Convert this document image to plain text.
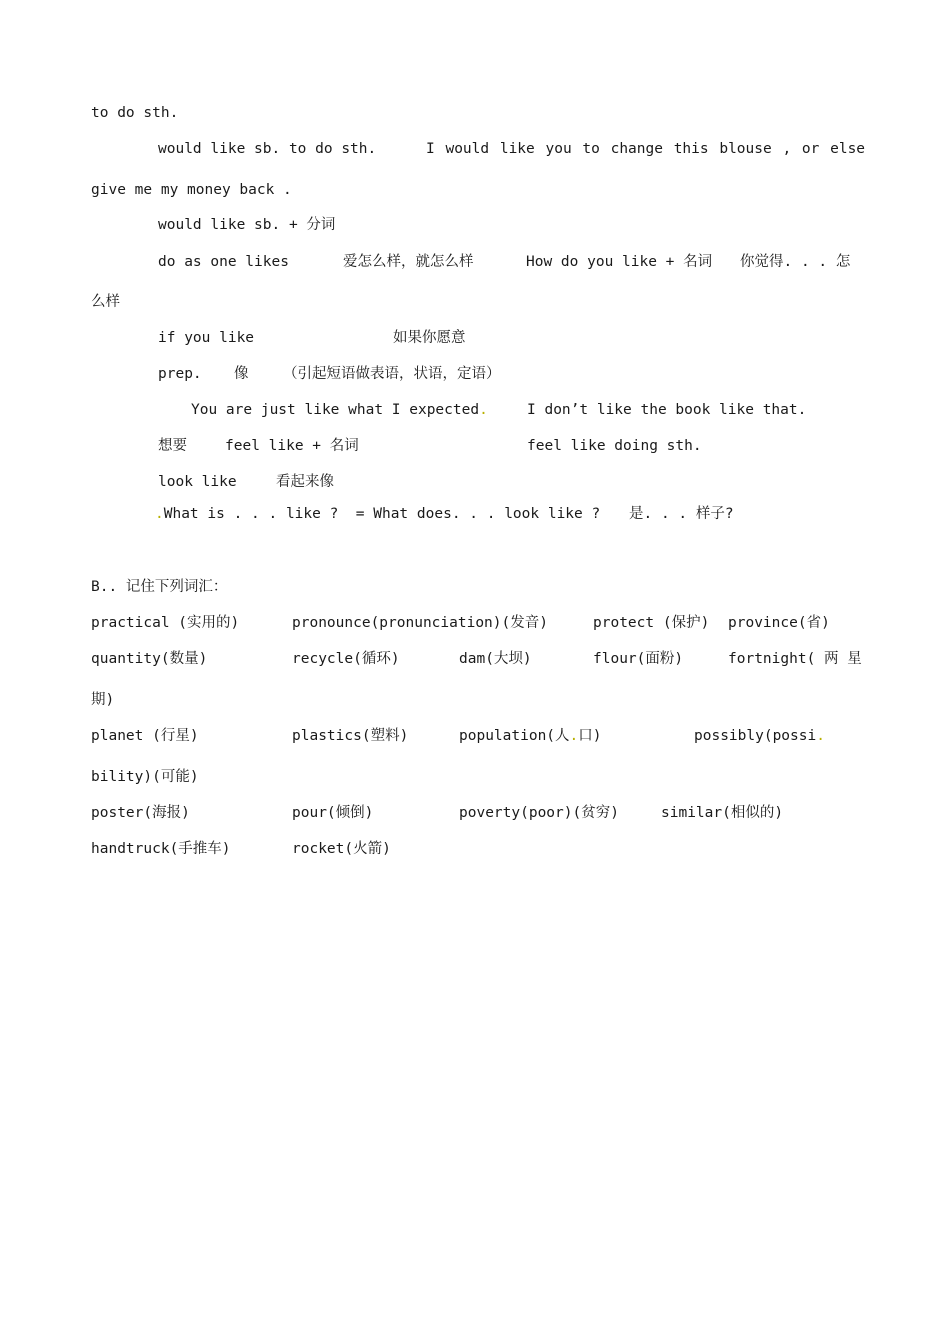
to do sth.
would like sb. to do sth.	I would like you to change this blouse , or else
give me my money back .
would like sb. + 分词
do as one likes	爱怎么样，就怎么样	How do you like + 名词 你觉得. . . 怎
么样
if you like	如果你愿意
prep. 像 （引起短语做表语，状语，定语）
You are just like what I expected.	I don’t like the book like that.
想要	feel like + 名词	feel like doing sth.
look like	看起来像
.What is . . . like ?  = What does. . . look like ? 是. . . 样子?
B.. 记住下列词汇：
practical (实用的)	pronounce(pronunciation)(发音)	protect (保护) province(省)
quantity(数量)	recycle(循环)	dam(大坝)	flour(面粉)	fortnight( 两 星
期)
planet (行星)	plastics(塑料)	population(人.口)	possibly(possi.
bility)(可能)
poster(海报)	pour(倾倒)	poverty(poor)(贫穷)	similar(相似的)
handtruck(手推车)	rocket(火箭)
